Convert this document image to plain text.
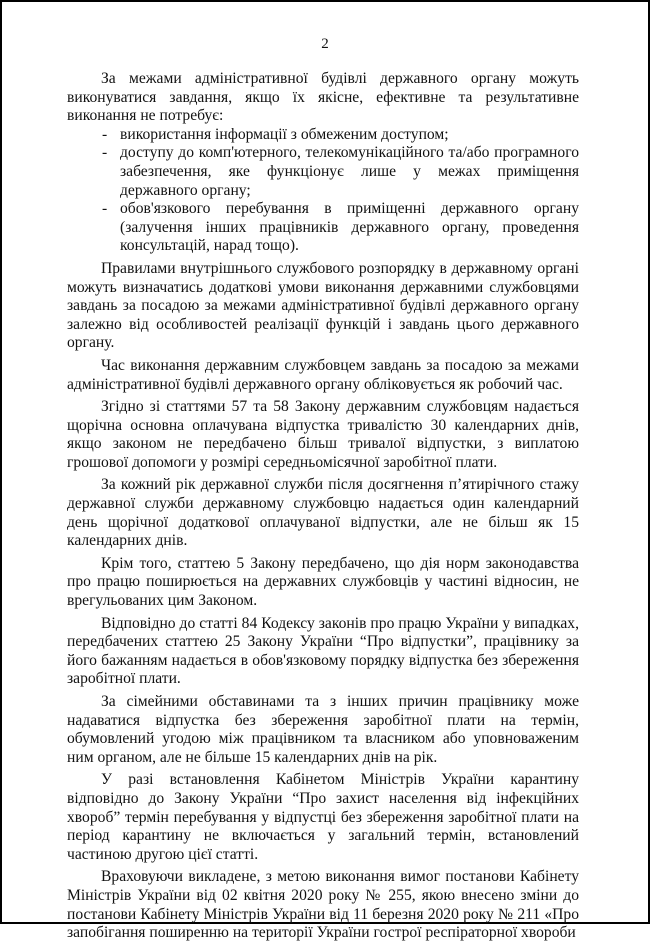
2

За межами адміністративної будівлі державного органу можуть виконуватися завдання, якщо їх якісне, ефективне та результативне виконання не потребує:

- використання інформації з обмеженим доступом;
- доступу до комп'ютерного, телекомунікаційного та/або програмного забезпечення, яке функціонує лише у межах приміщення державного органу;
- обов'язкового перебування в приміщенні державного органу (залучення інших працівників державного органу, проведення консультацій, нарад тощо).

Правилами внутрішнього службового розпорядку в державному органі можуть визначатись додаткові умови виконання державними службовцями завдань за посадою за межами адміністративної будівлі державного органу залежно від особливостей реалізації функцій і завдань цього державного органу.

Час виконання державним службовцем завдань за посадою за межами адміністративної будівлі державного органу обліковується як робочий час.

Згідно зі статтями 57 та 58 Закону державним службовцям надається щорічна основна оплачувана відпустка тривалістю 30 календарних днів, якщо законом не передбачено більш тривалої відпустки, з виплатою грошової допомоги у розмірі середньомісячної заробітної плати.

За кожний рік державної служби після досягнення п’ятирічного стажу державної служби державному службовцю надається один календарний день щорічної додаткової оплачуваної відпустки, але не більш як 15 календарних днів.

Крім того, статтею 5 Закону передбачено, що дія норм законодавства про працю поширюється на державних службовців у частині відносин, не врегульованих цим Законом.

Відповідно до статті 84 Кодексу законів про працю України у випадках, передбачених статтею 25 Закону України “Про відпустки”, працівнику за його бажанням надається в обов'язковому порядку відпустка без збереження заробітної плати.

За сімейними обставинами та з інших причин працівнику може надаватися відпустка без збереження заробітної плати на термін, обумовлений угодою між працівником та власником або уповноваженим ним органом, але не більше 15 календарних днів на рік.

У разі встановлення Кабінетом Міністрів України карантину відповідно до Закону України “Про захист населення від інфекційних хвороб” термін перебування у відпустці без збереження заробітної плати на період карантину не включається у загальний термін, встановлений частиною другою цієї статті.

Враховуючи викладене, з метою виконання вимог постанови Кабінету Міністрів України від 02 квітня 2020 року № 255, якою внесено зміни до постанови Кабінету Міністрів України від 11 березня 2020 року № 211 «Про запобігання поширенню на території України гострої респіраторної хвороби
